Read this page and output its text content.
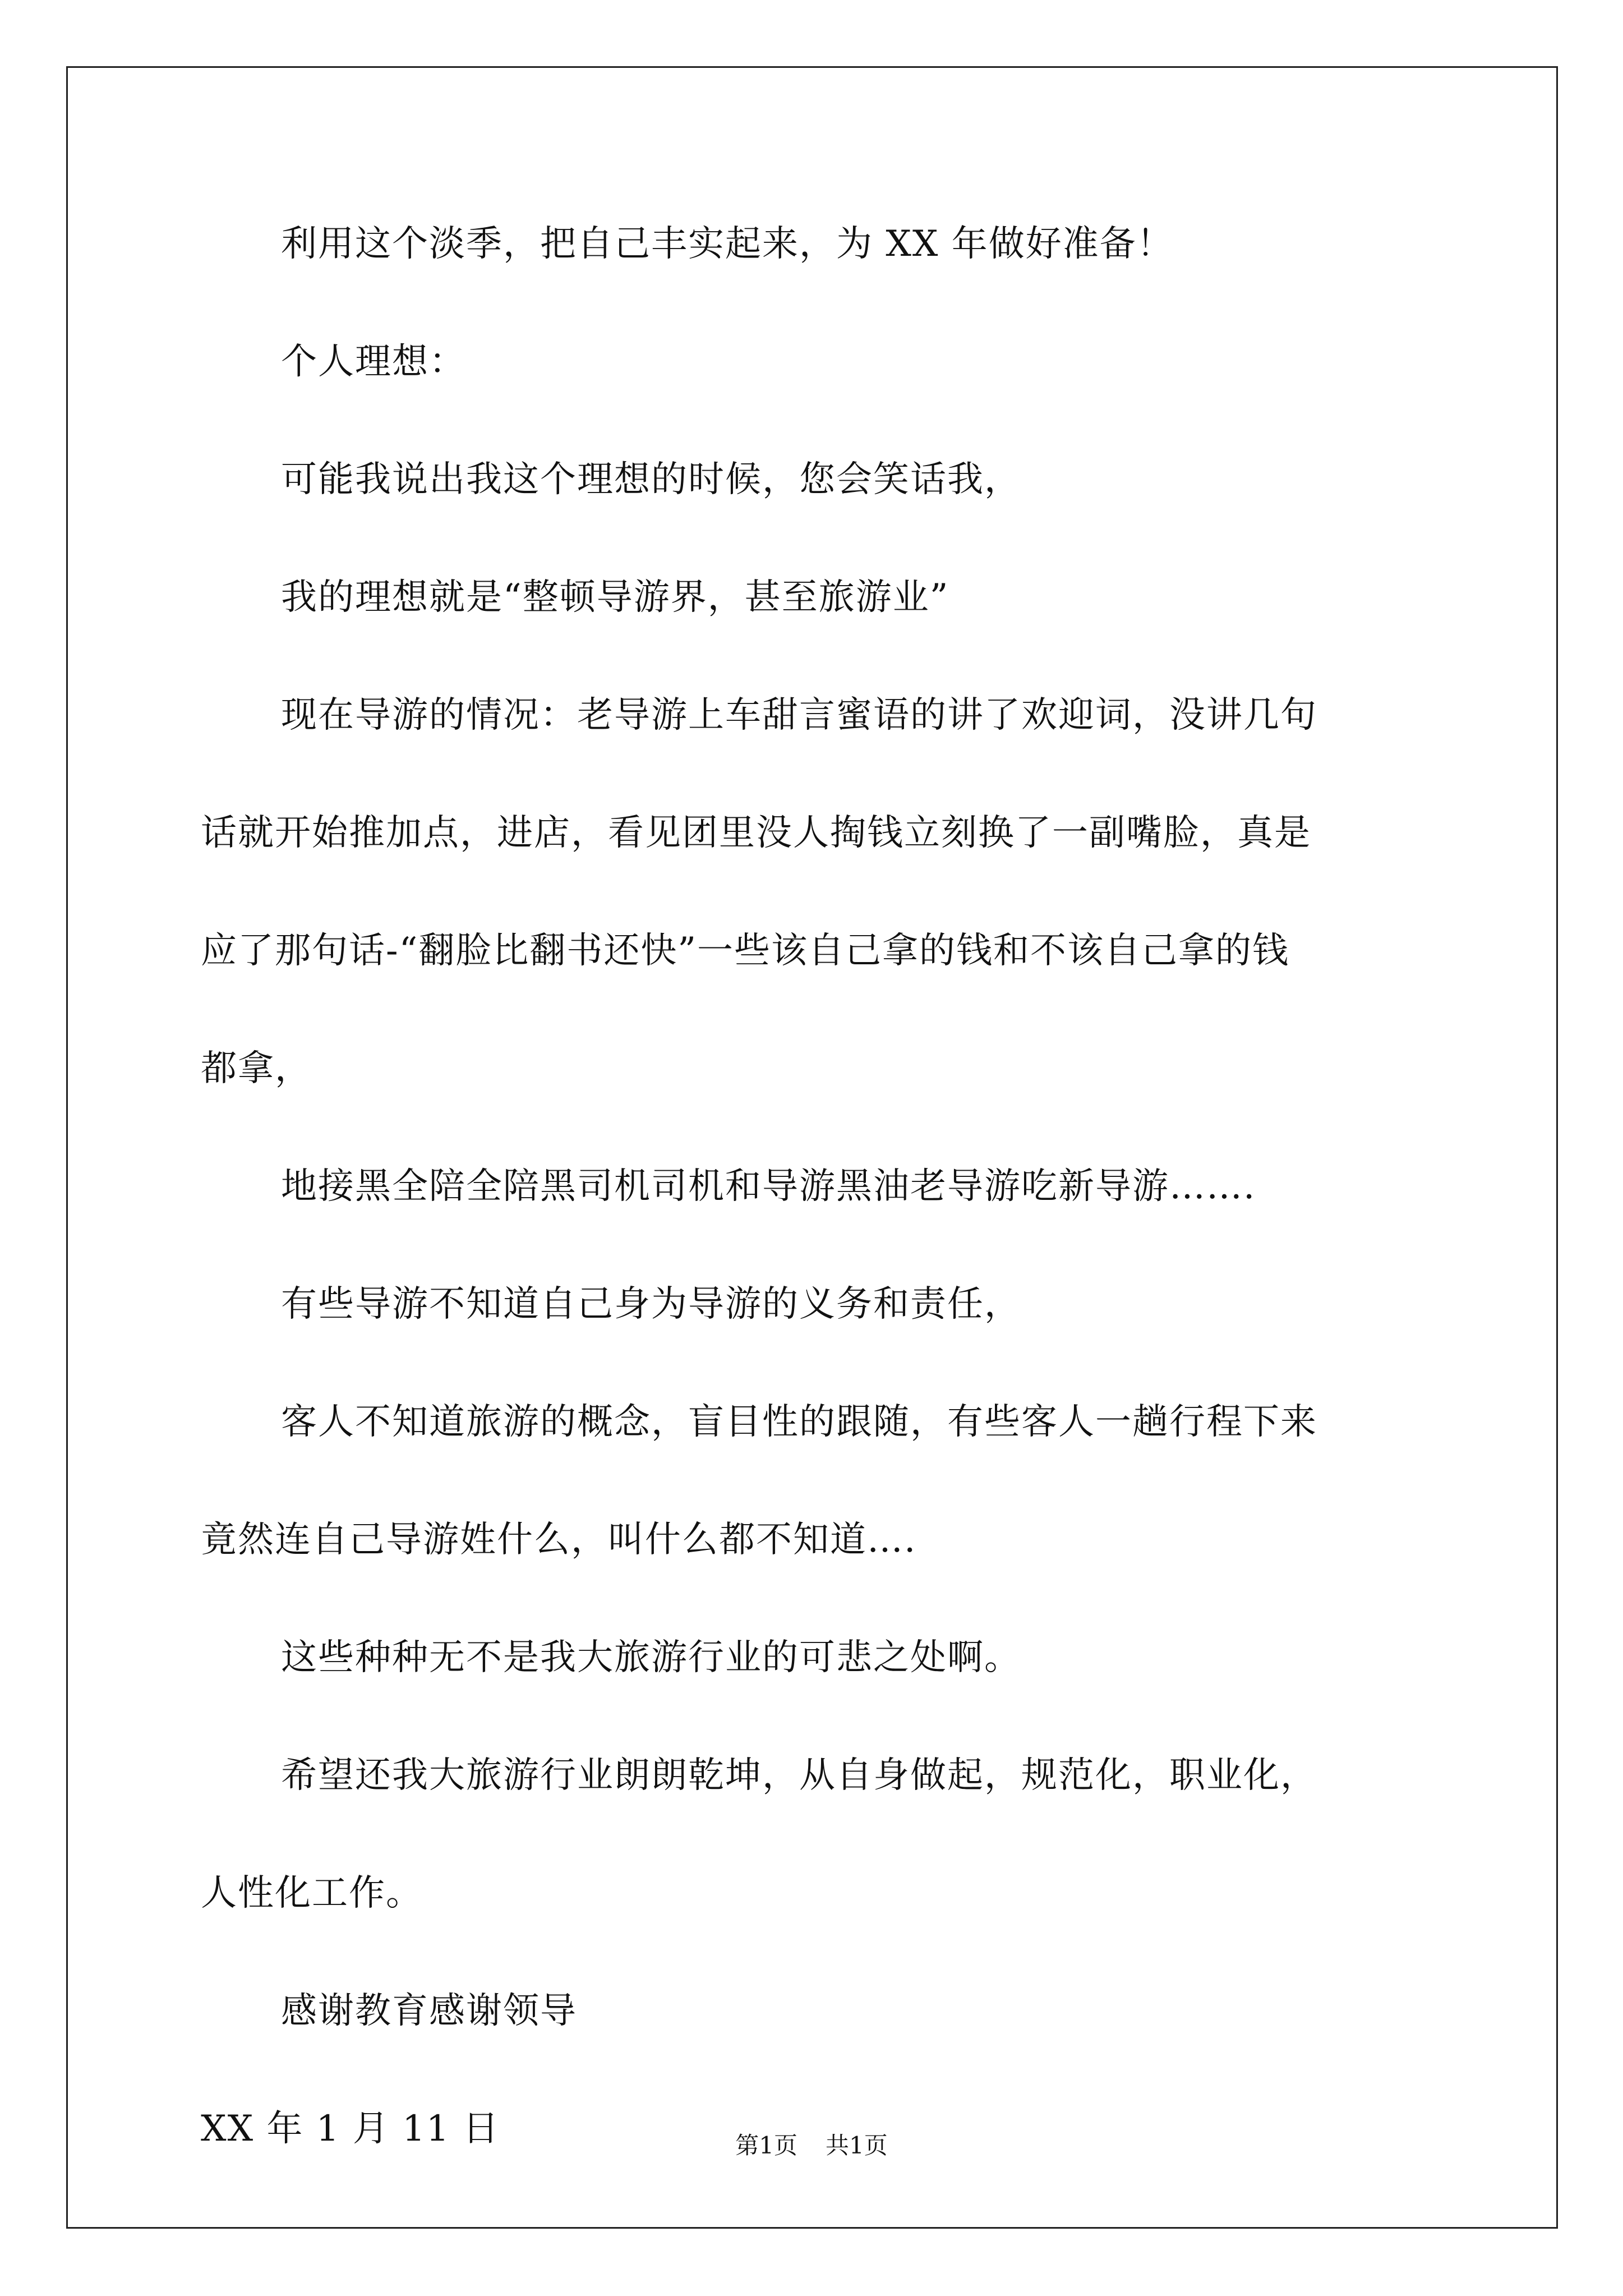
利用这个淡季，把自己丰实起来，为 XX 年做好准备！
个人理想：
可能我说出我这个理想的时候，您会笑话我，
我的理想就是“整顿导游界，甚至旅游业”
现在导游的情况：老导游上车甜言蜜语的讲了欢迎词，没讲几句
话就开始推加点，进店，看见团里没人掏钱立刻换了一副嘴脸，真是
应了那句话-“翻脸比翻书还快”一些该自己拿的钱和不该自己拿的钱
都拿，
地接黑全陪全陪黑司机司机和导游黑油老导游吃新导游…….
有些导游不知道自己身为导游的义务和责任，
客人不知道旅游的概念，盲目性的跟随，有些客人一趟行程下来
竟然连自己导游姓什么，叫什么都不知道….
这些种种无不是我大旅游行业的可悲之处啊。
希望还我大旅游行业朗朗乾坤，从自身做起，规范化，职业化，
人性化工作。
感谢教育感谢领导
XX 年 1 月 11 日	第1页 共1页
